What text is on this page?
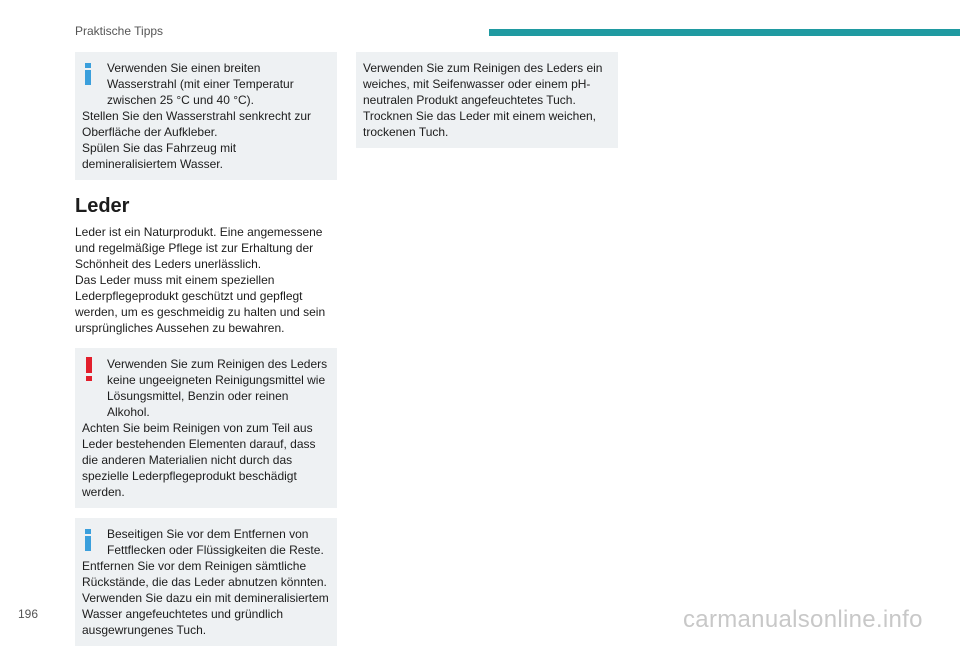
Praktische Tipps
Verwenden Sie einen breiten Wasserstrahl (mit einer Temperatur zwischen 25 °C und 40 °C).
Stellen Sie den Wasserstrahl senkrecht zur Oberfläche der Aufkleber.
Spülen Sie das Fahrzeug mit demineralisiertem Wasser.
Leder
Leder ist ein Naturprodukt. Eine angemessene und regelmäßige Pflege ist zur Erhaltung der Schönheit des Leders unerlässlich.
Das Leder muss mit einem speziellen Lederpflegeprodukt geschützt und gepflegt werden, um es geschmeidig zu halten und sein ursprüngliches Aussehen zu bewahren.
Verwenden Sie zum Reinigen des Leders keine ungeeigneten Reinigungsmittel wie Lösungsmittel, Benzin oder reinen Alkohol.
Achten Sie beim Reinigen von zum Teil aus Leder bestehenden Elementen darauf, dass die anderen Materialien nicht durch das spezielle Lederpflegeprodukt beschädigt werden.
Beseitigen Sie vor dem Entfernen von Fettflecken oder Flüssigkeiten die Reste.
Entfernen Sie vor dem Reinigen sämtliche Rückstände, die das Leder abnutzen könnten.
Verwenden Sie dazu ein mit demineralisiertem Wasser angefeuchtetes und gründlich ausgewrungenes Tuch.
Verwenden Sie zum Reinigen des Leders ein weiches, mit Seifenwasser oder einem pH-neutralen Produkt angefeuchtetes Tuch.
Trocknen Sie das Leder mit einem weichen, trockenen Tuch.
196	carmanualsonline.info
